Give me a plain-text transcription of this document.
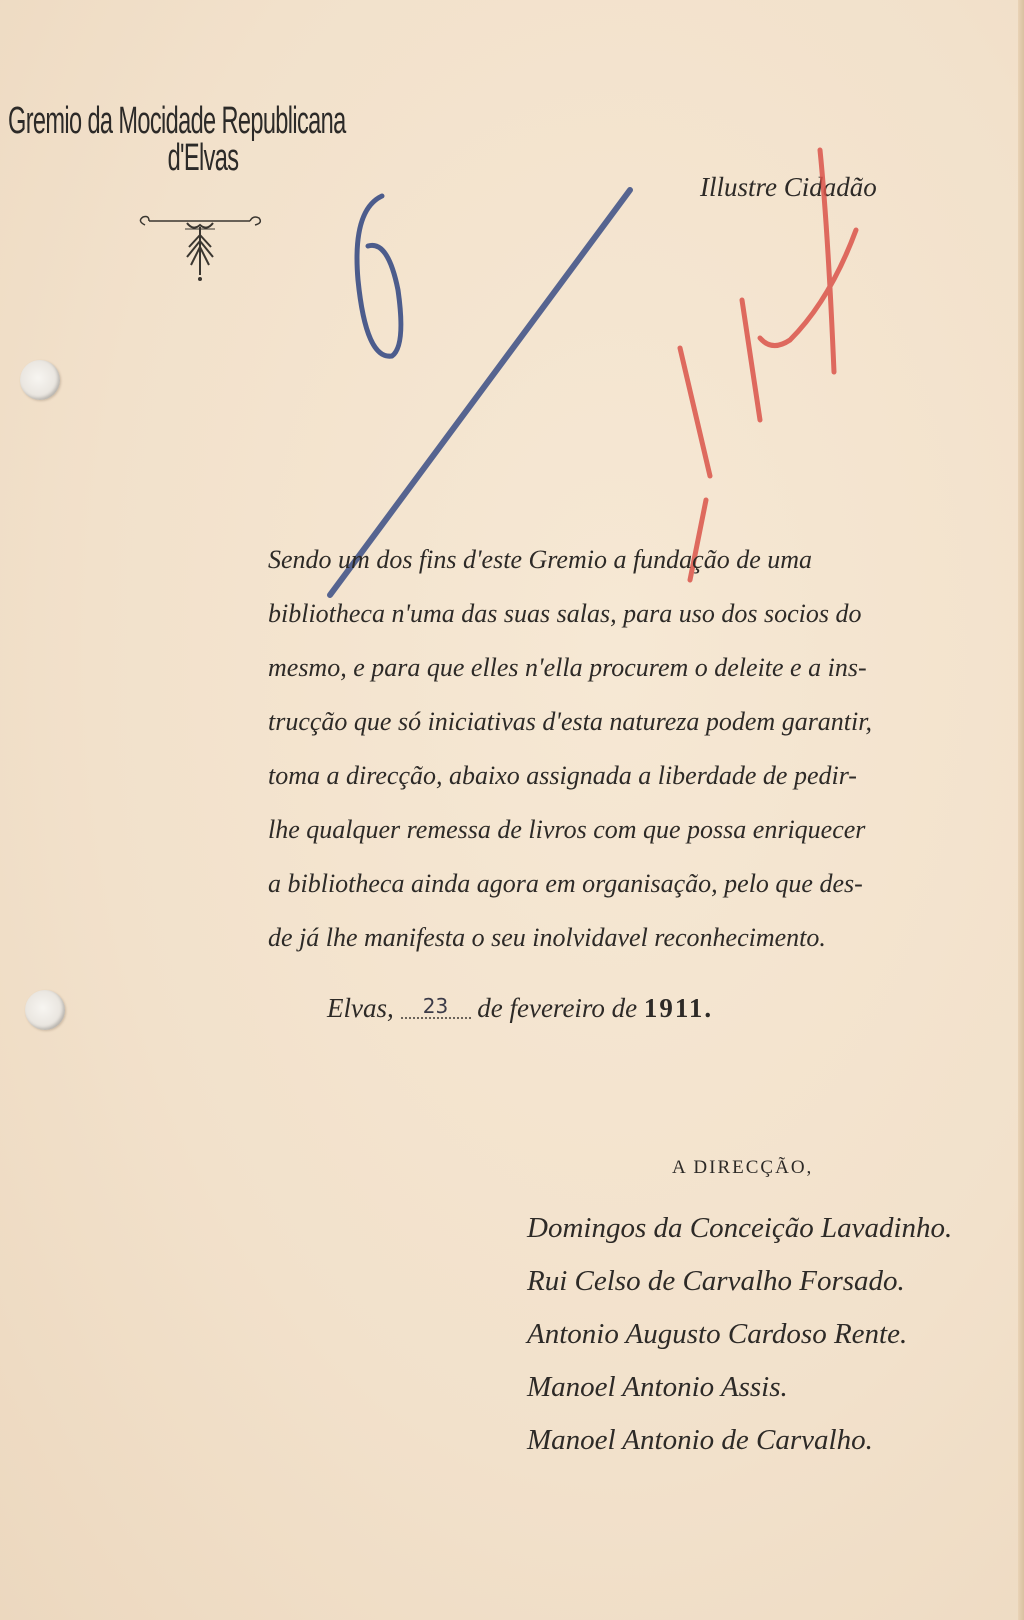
Gremio da Mocidade Republicana
d'Elvas
Illustre Cidadão
Sendo um dos fins d'este Gremio a fundação de uma
bibliotheca n'uma das suas salas, para uso dos socios do
mesmo, e para que elles n'ella procurem o deleite e a ins-
trucção que só iniciativas d'esta natureza podem garantir,
toma a direcção, abaixo assignada a liberdade de pedir-
lhe qualquer remessa de livros com que possa enriquecer
a bibliotheca ainda agora em organisação, pelo que des-
de já lhe manifesta o seu inolvidavel reconhecimento.
Elvas, 23 de fevereiro de 1911.
A DIRECÇÃO,
Domingos da Conceição Lavadinho.
Rui Celso de Carvalho Forsado.
Antonio Augusto Cardoso Rente.
Manoel Antonio Assis.
Manoel Antonio de Carvalho.
